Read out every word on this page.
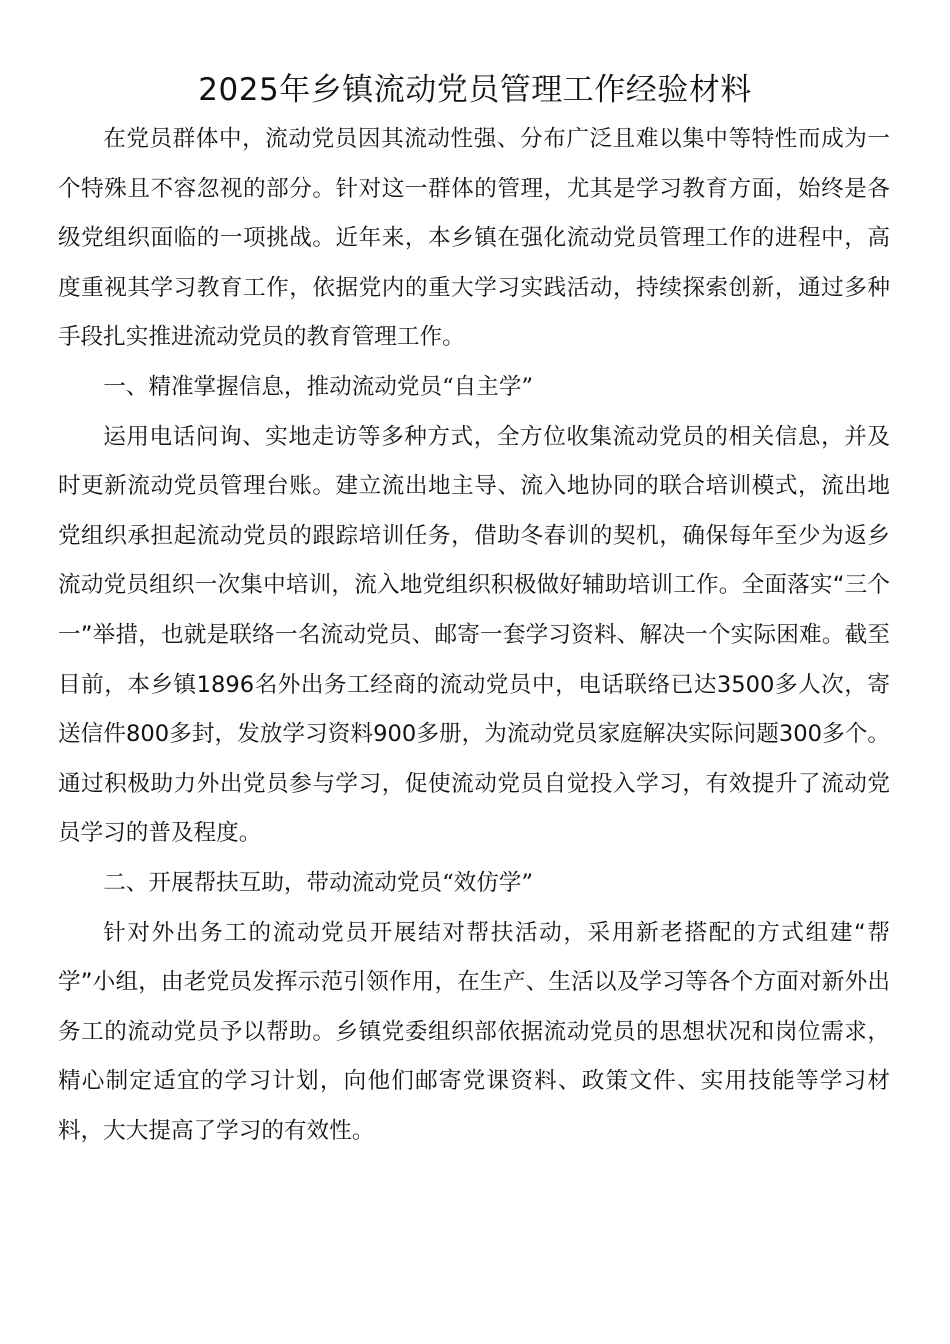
2025年乡镇流动党员管理工作经验材料

在党员群体中，流动党员因其流动性强、分布广泛且难以集中等特性而成为一个特殊且不容忽视的部分。针对这一群体的管理，尤其是学习教育方面，始终是各级党组织面临的一项挑战。近年来，本乡镇在强化流动党员管理工作的进程中，高度重视其学习教育工作，依据党内的重大学习实践活动，持续探索创新，通过多种手段扎实推进流动党员的教育管理工作。

一、精准掌握信息，推动流动党员“自主学”

运用电话问询、实地走访等多种方式，全方位收集流动党员的相关信息，并及时更新流动党员管理台账。建立流出地主导、流入地协同的联合培训模式，流出地党组织承担起流动党员的跟踪培训任务，借助冬春训的契机，确保每年至少为返乡流动党员组织一次集中培训，流入地党组织积极做好辅助培训工作。全面落实“三个一”举措，也就是联络一名流动党员、邮寄一套学习资料、解决一个实际困难。截至目前，本乡镇1896名外出务工经商的流动党员中，电话联络已达3500多人次，寄送信件800多封，发放学习资料900多册，为流动党员家庭解决实际问题300多个。通过积极助力外出党员参与学习，促使流动党员自觉投入学习，有效提升了流动党员学习的普及程度。

二、开展帮扶互助，带动流动党员“效仿学”

针对外出务工的流动党员开展结对帮扶活动，采用新老搭配的方式组建“帮学”小组，由老党员发挥示范引领作用，在生产、生活以及学习等各个方面对新外出务工的流动党员予以帮助。乡镇党委组织部依据流动党员的思想状况和岗位需求，精心制定适宜的学习计划，向他们邮寄党课资料、政策文件、实用技能等学习材料，大大提高了学习的有效性。
